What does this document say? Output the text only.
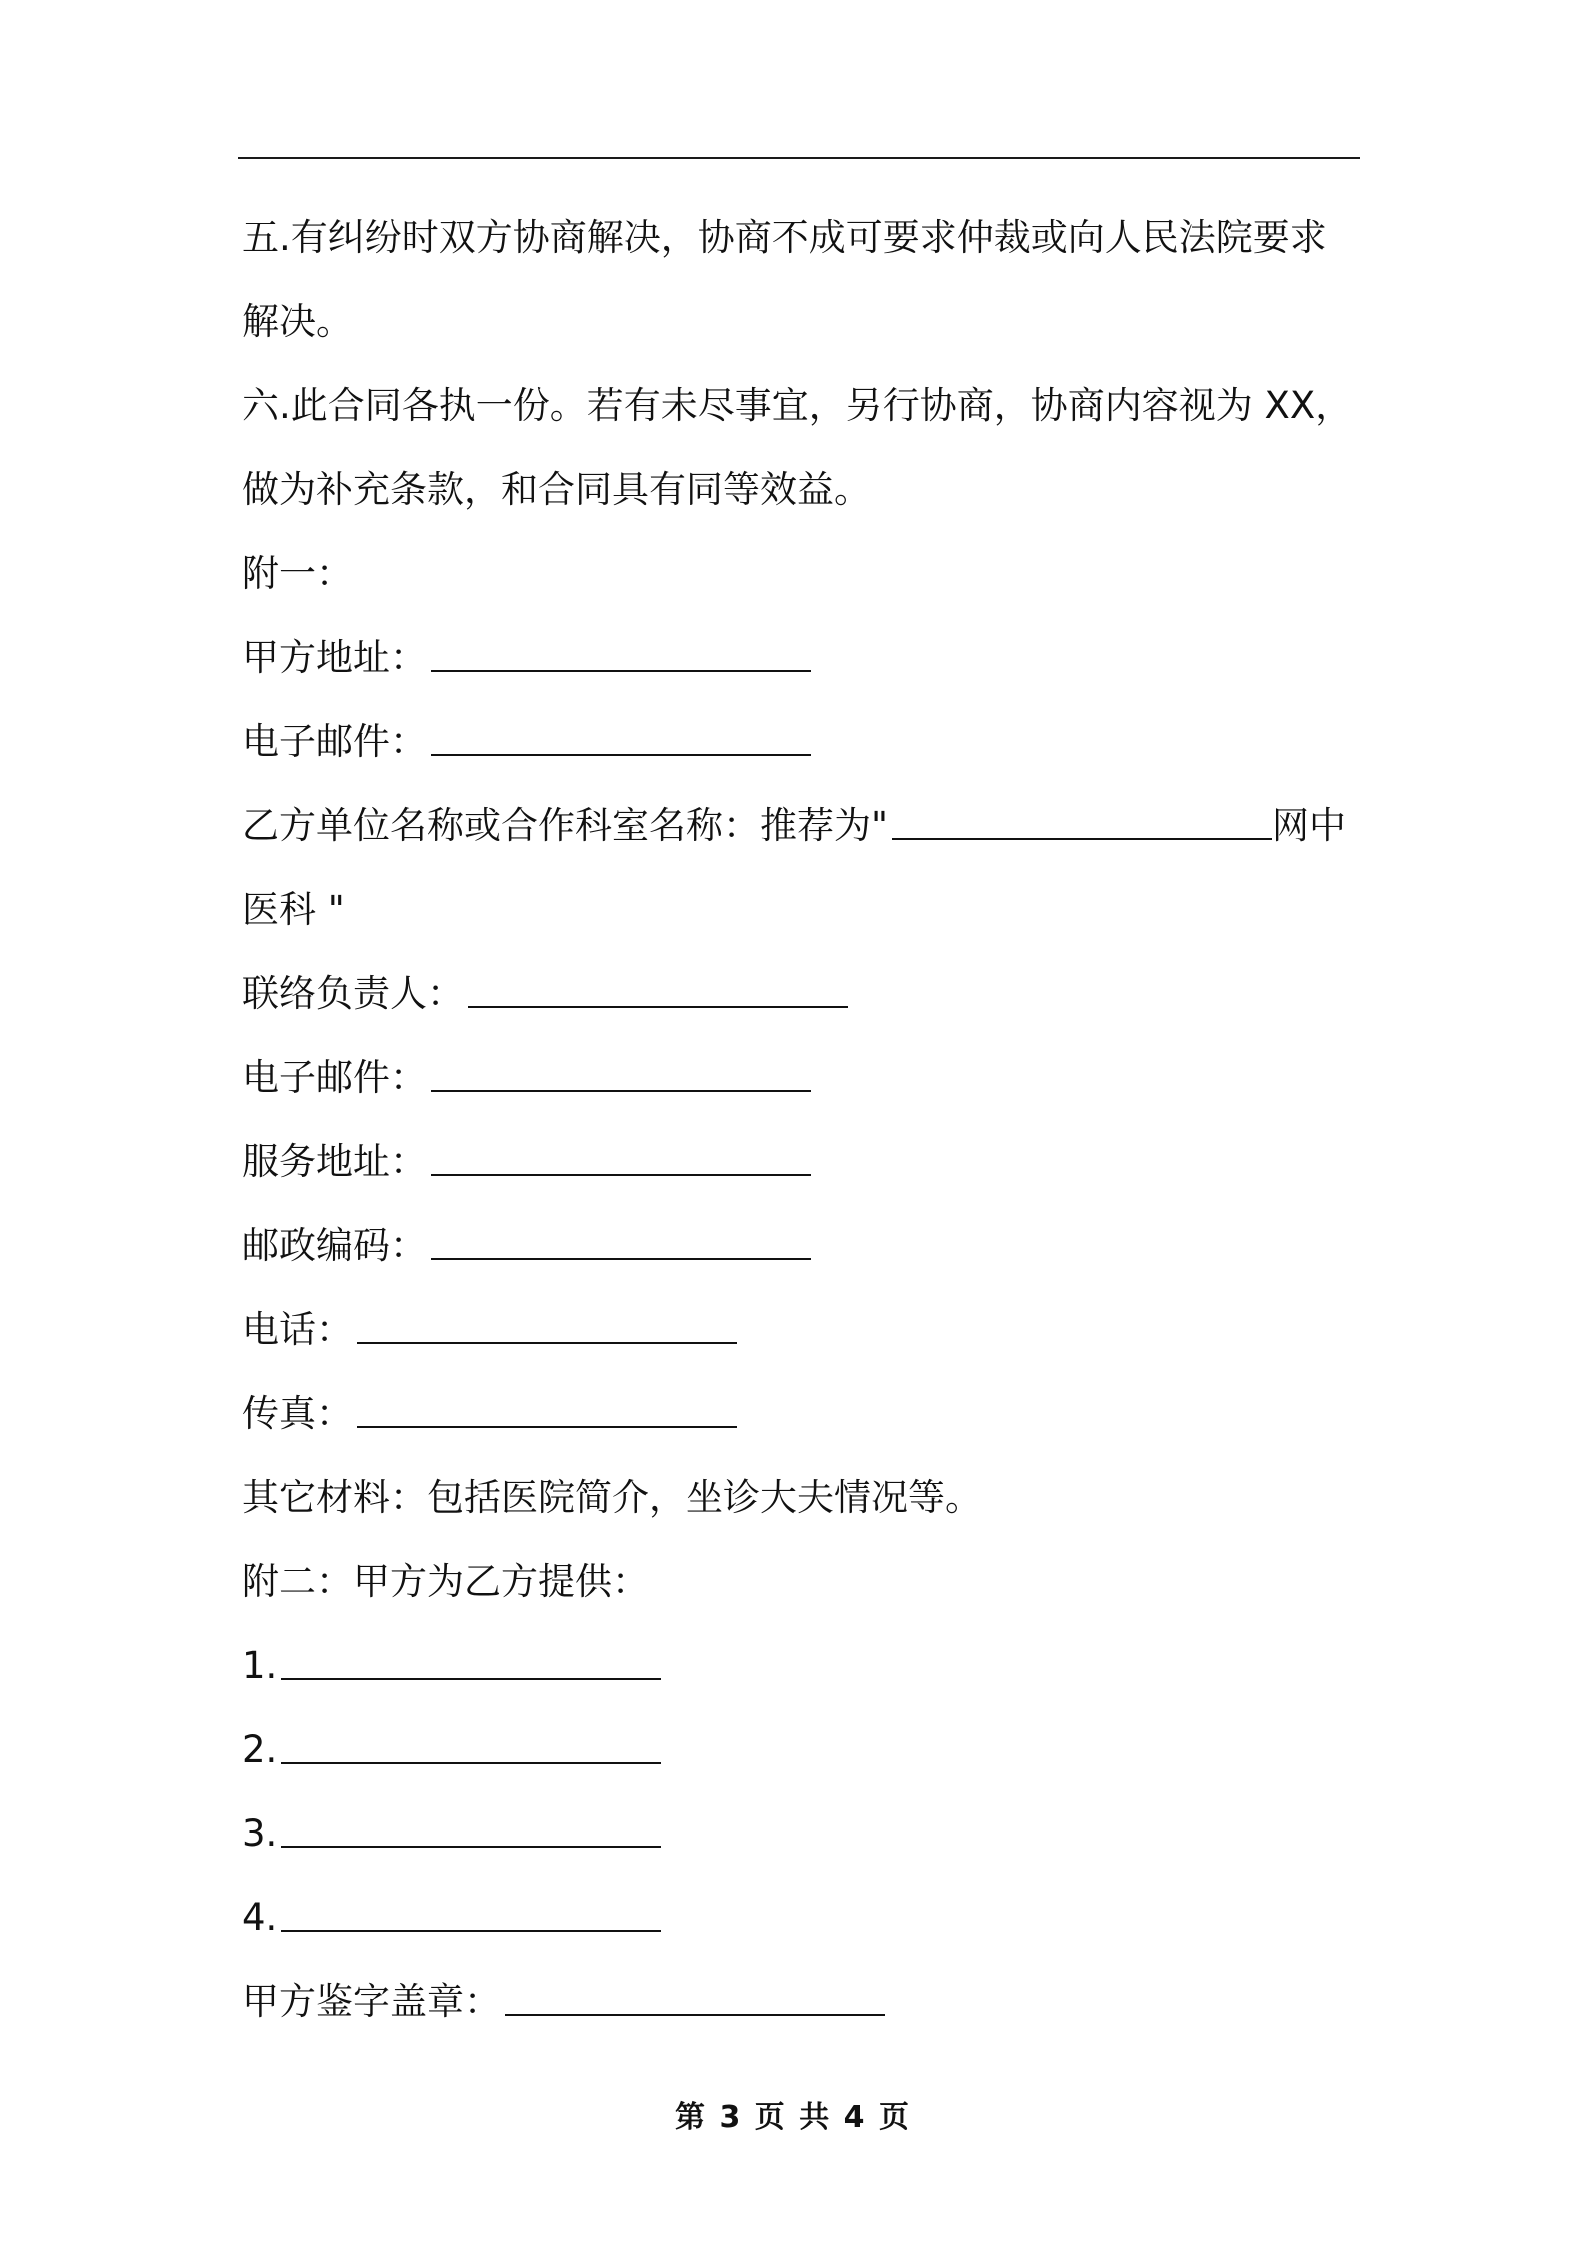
五.有纠纷时双方协商解决，协商不成可要求仲裁或向人民法院要求
解决。
六.此合同各执一份。若有未尽事宜，另行协商，协商内容视为 XX，
做为补充条款，和合同具有同等效益。
附一：
甲方地址：
电子邮件：
乙方单位名称或合作科室名称：推荐为"	网中
医科 "
联络负责人：
电子邮件：
服务地址：
邮政编码：
电话：
传真：
其它材料：包括医院简介，坐诊大夫情况等。
附二：甲方为乙方提供：
1.
2.
3.
4.
甲方鉴字盖章：
第 3 页 共 4 页
